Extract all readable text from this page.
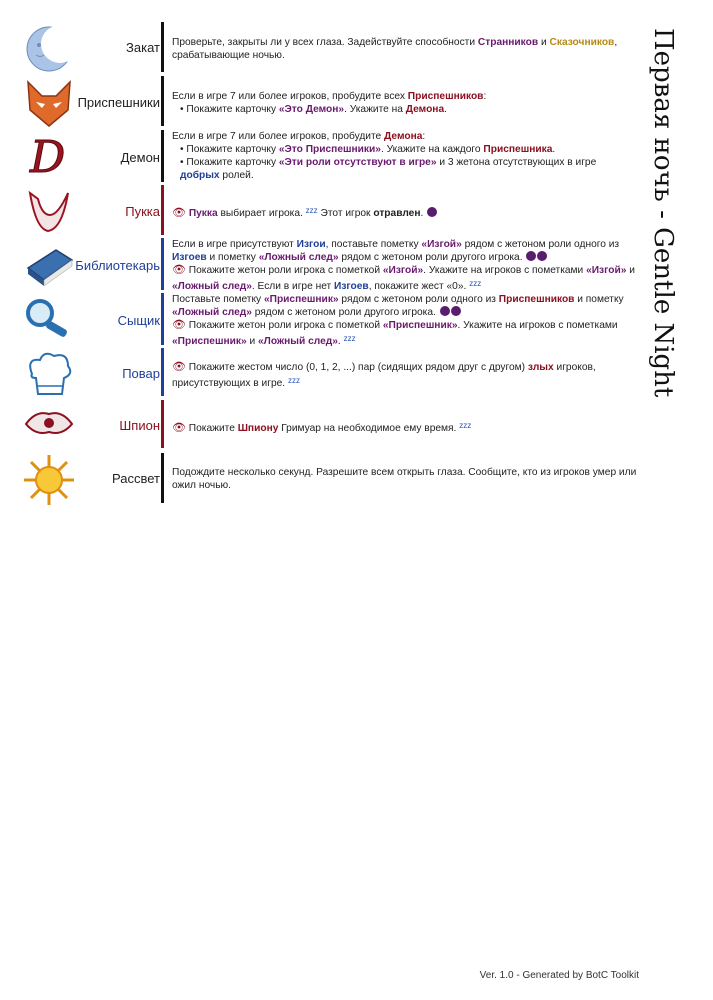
Первая ночь - Gentle Night
Закат Проверьте, закрыты ли у всех глаза. Задействуйте способности Странников и Сказочников, срабатывающие ночью.

Приспешники Если в игре 7 или более игроков, пробудите всех Приспешников:

• Покажите карточку «Это Демон». Укажите на Демона.

D	Демон

Если в игре 7 или более игроков, пробудите Демона:

• Покажите карточку «Это Приспешники». Укажите на каждого Приспешника.

• Покажите карточку «Эти роли отсутствуют в игре» и 3 жетона отсутствующих в игре добрых ролей.

Пукка 👁 Пукка выбирает игрока. $^{zzz}$ Этот игрок отравлен.

Библиотекарь

Если в игре присутствуют Изгои, поставьте пометку «Изгой» рядом с жетоном роли одного из Изгоев и пометку «Ложный след» рядом с жетоном роли другого игрока.

👁 Покажите жетон роли игрока с пометкой «Изгой». Укажите на игроков с пометками «Изгой» и «Ложный след». Если в игре нет Изгоев, покажите жест «0». $^{zzz}$

Сыщик

Поставьте пометку «Приспешник» рядом с жетоном роли одного из Приспешников и пометку «Ложный след» рядом с жетоном роли другого игрока.

👁 Покажите жетон роли игрока с пометкой «Приспешник». Укажите на игроков с пометками «Приспешник» и «Ложный след». $^{zzz}$

Повар 👁 Покажите жестом число (0, 1, 2, ...) пар (сидящих рядом друг с другом) злых игроков, присутствующих в игре. $^{zzz}$

Шпион 👁 Покажите Шпиону Гримуар на необходимое ему время. $^{zzz}$

Рассвет Подождите несколько секунд. Разрешите всем открыть глаза. Сообщите, кто из игроков умер или ожил ночью.

Ver. 1.0 - Generated by BotC Toolkit
